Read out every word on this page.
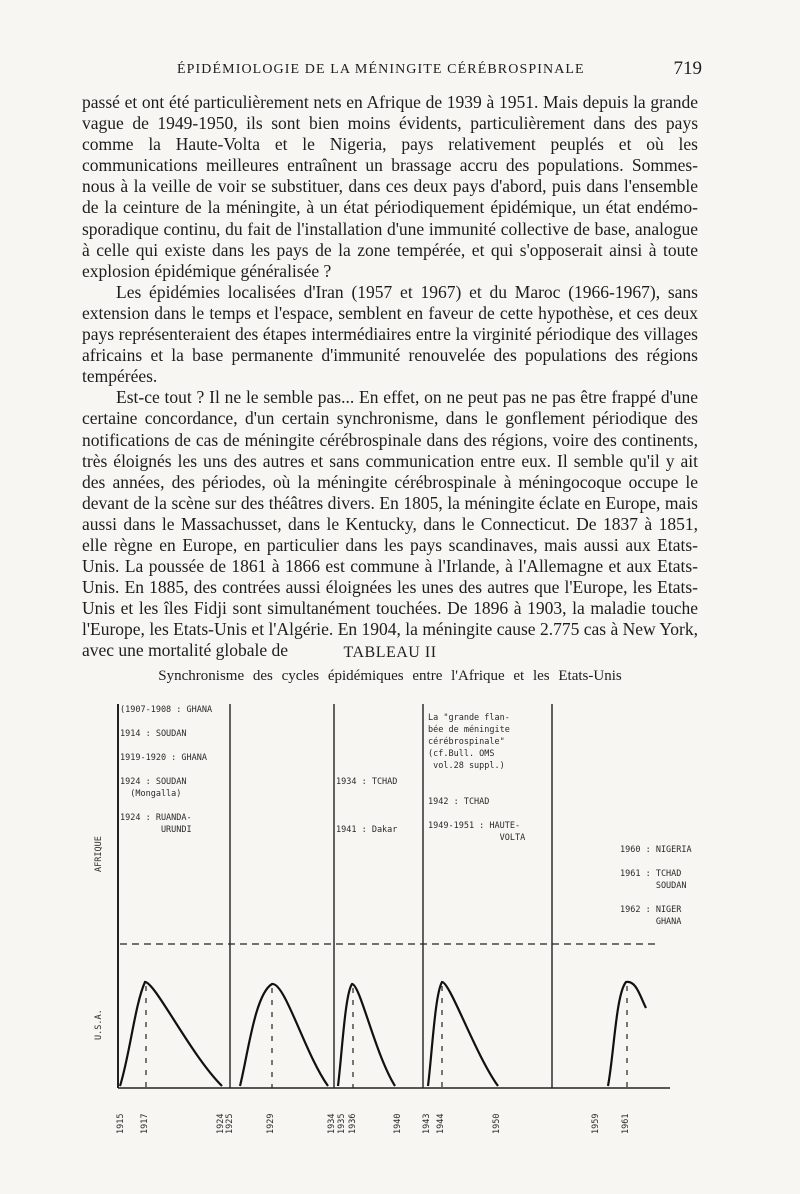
ÉPIDÉMIOLOGIE DE LA MÉNINGITE CÉRÉBROSPINALE	719

passé et ont été particulièrement nets en Afrique de 1939 à 1951. Mais depuis la grande vague de 1949-1950, ils sont bien moins évidents, particulièrement dans des pays comme la Haute-Volta et le Nigeria, pays relativement peuplés et où les communications meilleures entraînent un brassage accru des populations. Sommes-nous à la veille de voir se substituer, dans ces deux pays d'abord, puis dans l'ensemble de la ceinture de la méningite, à un état périodiquement épidémique, un état endémo-sporadique continu, du fait de l'installation d'une immunité collective de base, analogue à celle qui existe dans les pays de la zone tempérée, et qui s'opposerait ainsi à toute explosion épidémique généralisée ?

Les épidémies localisées d'Iran (1957 et 1967) et du Maroc (1966-1967), sans extension dans le temps et l'espace, semblent en faveur de cette hypothèse, et ces deux pays représenteraient des étapes intermédiaires entre la virginité périodique des villages africains et la base permanente d'immunité renouvelée des populations des régions tempérées.

Est-ce tout ? Il ne le semble pas... En effet, on ne peut pas ne pas être frappé d'une certaine concordance, d'un certain synchronisme, dans le gonflement périodique des notifications de cas de méningite cérébrospinale dans des régions, voire des continents, très éloignés les uns des autres et sans communication entre eux. Il semble qu'il y ait des années, des périodes, où la méningite cérébrospinale à méningocoque occupe le devant de la scène sur des théâtres divers. En 1805, la méningite éclate en Europe, mais aussi dans le Massachusset, dans le Kentucky, dans le Connecticut. De 1837 à 1851, elle règne en Europe, en particulier dans les pays scandinaves, mais aussi aux Etats-Unis. La poussée de 1861 à 1866 est commune à l'Irlande, à l'Allemagne et aux Etats-Unis. En 1885, des contrées aussi éloignées les unes des autres que l'Europe, les Etats-Unis et les îles Fidji sont simultanément touchées. De 1896 à 1903, la maladie touche l'Europe, les Etats-Unis et l'Algérie. En 1904, la méningite cause 2.775 cas à New York, avec une mortalité globale de	TABLEAU II
Synchronisme des cycles épidémiques entre l'Afrique et les Etats-Unis
AFRIQUE
U.S.A.
(1907-1908 : GHANA

1914 : SOUDAN

1919-1920 : GHANA

1924 : SOUDAN
(Mongalla)

1924 : RUANDA-
URUNDI
1934 : TCHAD

1941 : Dakar
La "grande flan-
bée de méningite
cérébrospinale"
(cf.Bull. OMS
vol.28 suppl.)

1942 : TCHAD

1949-1951 : HAUTE-
VOLTA
1960 : NIGERIA

1961 : TCHAD
SOUDAN

1962 : NIGER
GHANA
1915 1917	1924 1925	1929	1934 1935 1936	1940 1943 1944	1950	1959 1961
